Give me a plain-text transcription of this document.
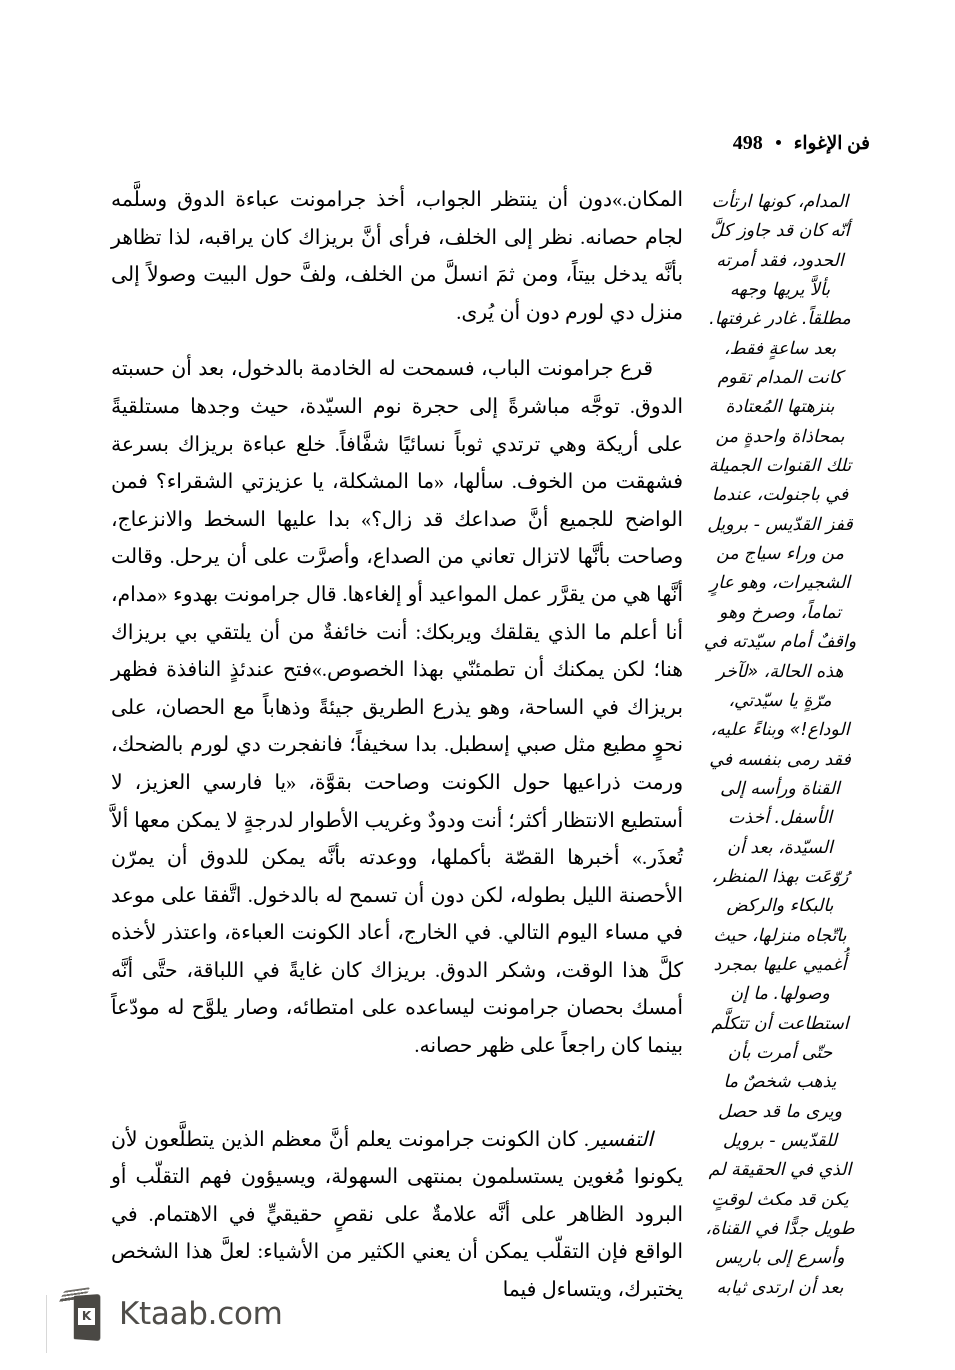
فن الإغواء
498

المكان.»دون أن ينتظر الجواب، أخذ جرامونت عباءة الدوق وسلَّمه لجام حصانه. نظر إلى الخلف، فرأى أنَّ بريزاك كان يراقبه، لذا تظاهر بأنَّه يدخل بيتاً، ومن ثمَ انسلَّ من الخلف، ولفَّ حول البيت وصولاً إلى منزل دي لورم دون أن يُرى.

قرع جرامونت الباب، فسمحت له الخادمة بالدخول، بعد أن حسبته الدوق. توجَّه مباشرةً إلى حجرة نوم السيّدة، حيث وجدها مستلقيةً على أريكة وهي ترتدي ثوباً نسائيًا شفَّافاً. خلع عباءة بريزاك بسرعة فشهقت من الخوف. سألها، «ما المشكلة، يا عزيزتي الشقراء؟ فمن الواضح للجميع أنَّ صداعك قد زال؟» بدا عليها السخط والانزعاج، وصاحت بأنَّها لاتزال تعاني من الصداع، وأصرَّت على أن يرحل. وقالت أنَّها هي من يقرَّر عمل المواعيد أو إلغاءها. قال جرامونت بهدوء «مدام، أنا أعلم ما الذي يقلقك ويربكك: أنت خائفةٌ من أن يلتقي بي بريزاك هنا؛ لكن يمكنك أن تطمئنّي بهذا الخصوص.»فتح عندئذٍ النافذة فظهر بريزاك في الساحة، وهو يذرع الطريق جيئةً وذهاباً مع الحصان، على نحوٍ مطيع مثل صبي إسطبل. بدا سخيفاً؛ فانفجرت دي لورم بالضحك، ورمت ذراعيها حول الكونت وصاحت بقوَّة، «يا فارسي العزيز، لا أستطيع الانتظار أكثر؛ أنت ودودٌ وغريب الأطوار لدرجةٍ لا يمكن معها ألاَّ تُعذَر.» أخبرها القصّة بأكملها، ووعدته بأنَّه يمكن للدوق أن يمرّن الأحصنة الليل بطوله، لكن دون أن تسمح له بالدخول. اتَّفقا على موعد في مساء اليوم التالي. في الخارج، أعاد الكونت العباءة، واعتذر لأخذه كلَّ هذا الوقت، وشكر الدوق. بريزاك كان غايةً في اللباقة، حتَّى أنَّه أمسك بحصان جرامونت ليساعده على امتطائه، وصار يلوَّح له مودّعاً بينما كان راجعاً على ظهر حصانه.

التفسير. كان الكونت جرامونت يعلم أنَّ معظم الذين يتطلَّعون لأن يكونوا مُغوين يستسلمون بمنتهى السهولة، ويسيؤون فهم التقلّب أو البرود الظاهر على أنَّه علامةٌ على نقصٍ حقيقيٍّ في الاهتمام. في الواقع فإن التقلّب يمكن أن يعني الكثير من الأشياء: لعلَّ هذا الشخص يختبرك، ويتساءل فيما

المدام، كونها ارتأت
أنّه كان قد جاوز كلَّ
الحدود، فقد أمرته
بألاَّ يريها وجهه
مطلقاً. غادر غرفتها.
بعد ساعةٍ فقط،
كانت المدام تقوم
بنزهتها المُعتادة
بمحاذاة واحدةٍ من
تلك القنوات الجميلة
في باجنولت، عندما
قفز القدّيس - برويل
من وراء سياج من
الشجيرات، وهو عارٍ
تماماً، وصرخ وهو
واقفٌ أمام سيّدته في
هذه الحالة، «لآخر
مرّةٍ يا سيّدتي،
الوداع!» وبناءً عليه،
فقد رمى بنفسه في
القناة ورأسه إلى
الأسفل. أخذت
السيّدة، بعد أن
رُوّعَت بهذا المنظر،
بالبكاء والركض
باتّجاه منزلها، حيث
أُغميي عليها بمجرد
وصولها. ما إن
استطاعت أن تتكلَّم
حتّى أمرت بأن
يذهب شخصٌ ما
ويرى ما قد حصل
للقدّيس - برويل
الذي في الحقيقة لم
يكن قد مكث لوقتٍ
طويل جدًّا في القناة،
وأسرع إلى باريس
بعد أن ارتدى ثيابه
K Ktaab.com
